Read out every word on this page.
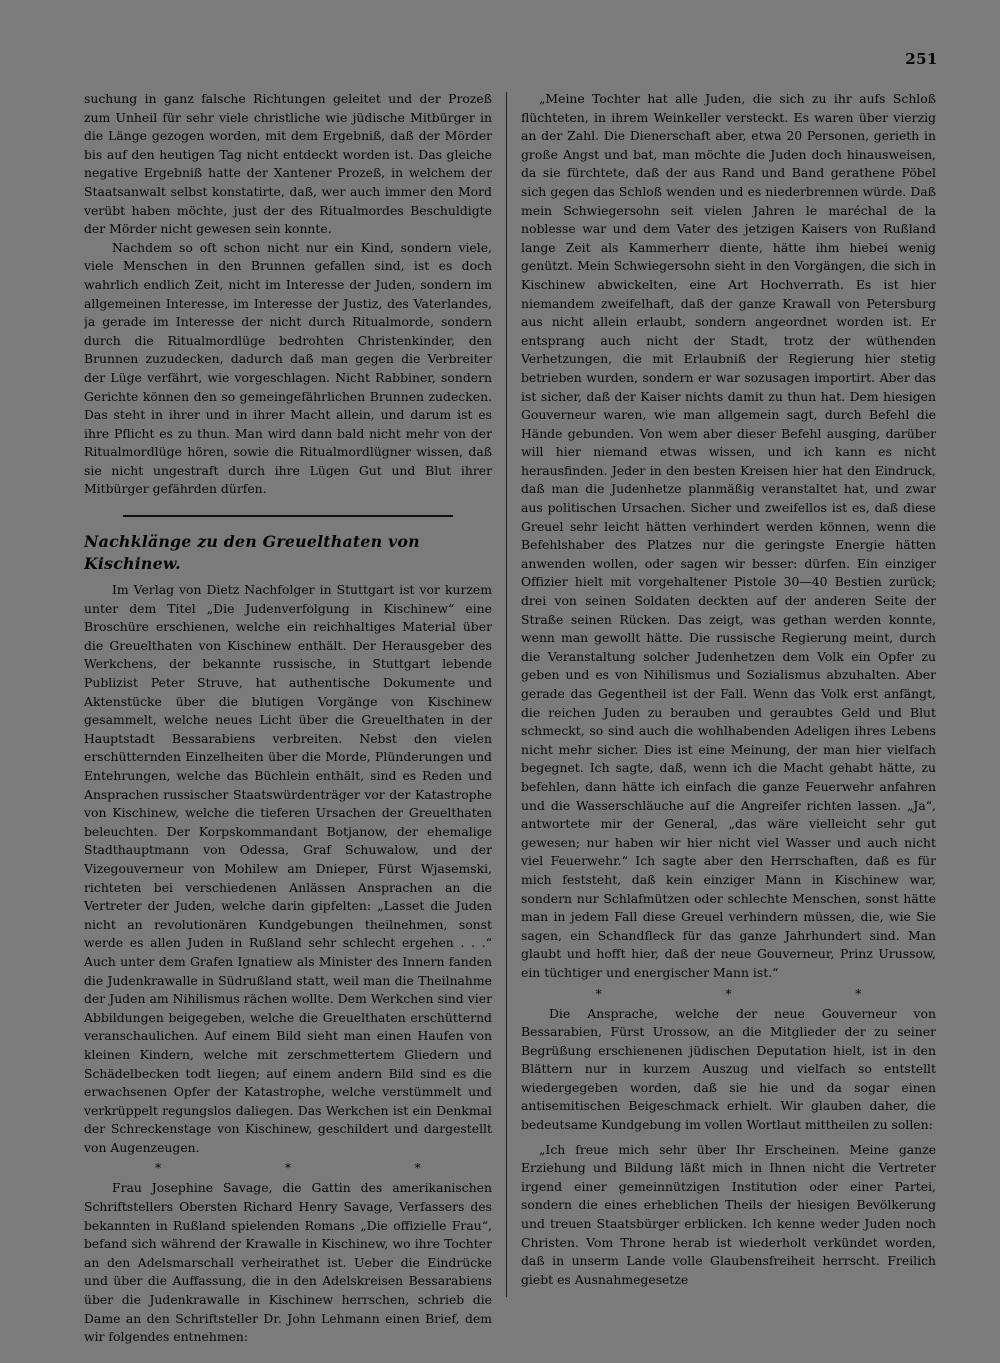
251

suchung in ganz falsche Richtungen geleitet und der Prozeß zum Unheil für sehr viele christliche wie jüdische Mitbürger in die Länge gezogen worden, mit dem Ergebniß, daß der Mörder bis auf den heutigen Tag nicht entdeckt worden ist. Das gleiche negative Ergebniß hatte der Xantener Prozeß, in welchem der Staatsanwalt selbst konstatirte, daß, wer auch immer den Mord verübt haben möchte, just der des Ritualmordes Beschuldigte der Mörder nicht gewesen sein konnte.

Nachdem so oft schon nicht nur ein Kind, sondern viele, viele Menschen in den Brunnen gefallen sind, ist es doch wahrlich endlich Zeit, nicht im Interesse der Juden, sondern im allgemeinen Interesse, im Interesse der Justiz, des Vaterlandes, ja gerade im Interesse der nicht durch Ritualmorde, sondern durch die Ritualmordlüge bedrohten Christenkinder, den Brunnen zuzudecken, dadurch daß man gegen die Verbreiter der Lüge verfährt, wie vorgeschlagen. Nicht Rabbiner, sondern Gerichte können den so gemeingefährlichen Brunnen zudecken. Das steht in ihrer und in ihrer Macht allein, und darum ist es ihre Pflicht es zu thun. Man wird dann bald nicht mehr von der Ritualmordlüge hören, sowie die Ritualmordlügner wissen, daß sie nicht ungestraft durch ihre Lügen Gut und Blut ihrer Mitbürger gefährden dürfen.

Nachklänge zu den Greuelthaten von Kischinew.

Im Verlag von Dietz Nachfolger in Stuttgart ist vor kurzem unter dem Titel „Die Judenverfolgung in Kischinew“ eine Broschüre erschienen, welche ein reichhaltiges Material über die Greuelthaten von Kischinew enthält. Der Herausgeber des Werkchens, der bekannte russische, in Stuttgart lebende Publizist Peter Struve, hat authentische Dokumente und Aktenstücke über die blutigen Vorgänge von Kischinew gesammelt, welche neues Licht über die Greuelthaten in der Hauptstadt Bessarabiens verbreiten. Nebst den vielen erschütternden Einzelheiten über die Morde, Plünderungen und Entehrungen, welche das Büchlein enthält, sind es Reden und Ansprachen russischer Staatswürdenträger vor der Katastrophe von Kischinew, welche die tieferen Ursachen der Greuelthaten beleuchten. Der Korpskommandant Botjanow, der ehemalige Stadthauptmann von Odessa, Graf Schuwalow, und der Vizegouverneur von Mohilew am Dnieper, Fürst Wjasemski, richteten bei verschiedenen Anlässen Ansprachen an die Vertreter der Juden, welche darin gipfelten: „Lasset die Juden nicht an revolutionären Kundgebungen theilnehmen, sonst werde es allen Juden in Rußland sehr schlecht ergehen . . .“ Auch unter dem Grafen Ignatiew als Minister des Innern fanden die Judenkrawalle in Südrußland statt, weil man die Theilnahme der Juden am Nihilismus rächen wollte. Dem Werkchen sind vier Abbildungen beigegeben, welche die Greuelthaten erschütternd veranschaulichen. Auf einem Bild sieht man einen Haufen von kleinen Kindern, welche mit zerschmettertem Gliedern und Schädelbecken todt liegen; auf einem andern Bild sind es die erwachsenen Opfer der Katastrophe, welche verstümmelt und verkrüppelt regungslos daliegen. Das Werkchen ist ein Denkmal der Schreckenstage von Kischinew, geschildert und dargestellt von Augenzeugen.

* * *

Frau Josephine Savage, die Gattin des amerikanischen Schriftstellers Obersten Richard Henry Savage, Verfassers des bekannten in Rußland spielenden Romans „Die offizielle Frau“, befand sich während der Krawalle in Kischinew, wo ihre Tochter an den Adelsmarschall verheirathet ist. Ueber die Eindrücke und über die Auffassung, die in den Adelskreisen Bessarabiens über die Judenkrawalle in Kischinew herrschen, schrieb die Dame an den Schriftsteller Dr. John Lehmann einen Brief, dem wir folgendes entnehmen:

„Meine Tochter hat alle Juden, die sich zu ihr aufs Schloß flüchteten, in ihrem Weinkeller versteckt. Es waren über vierzig an der Zahl. Die Dienerschaft aber, etwa 20 Personen, gerieth in große Angst und bat, man möchte die Juden doch hinausweisen, da sie fürchtete, daß der aus Rand und Band gerathene Pöbel sich gegen das Schloß wenden und es niederbrennen würde. Daß mein Schwiegersohn seit vielen Jahren le maréchal de la noblesse war und dem Vater des jetzigen Kaisers von Rußland lange Zeit als Kammerherr diente, hätte ihm hiebei wenig genützt. Mein Schwiegersohn sieht in den Vorgängen, die sich in Kischinew abwickelten, eine Art Hochverrath. Es ist hier niemandem zweifelhaft, daß der ganze Krawall von Petersburg aus nicht allein erlaubt, sondern angeordnet worden ist. Er entsprang auch nicht der Stadt, trotz der wüthenden Verhetzungen, die mit Erlaubniß der Regierung hier stetig betrieben wurden, sondern er war sozusagen importirt. Aber das ist sicher, daß der Kaiser nichts damit zu thun hat. Dem hiesigen Gouverneur waren, wie man allgemein sagt, durch Befehl die Hände gebunden. Von wem aber dieser Befehl ausging, darüber will hier niemand etwas wissen, und ich kann es nicht herausfinden. Jeder in den besten Kreisen hier hat den Eindruck, daß man die Judenhetze planmäßig veranstaltet hat, und zwar aus politischen Ursachen. Sicher und zweifellos ist es, daß diese Greuel sehr leicht hätten verhindert werden können, wenn die Befehlshaber des Platzes nur die geringste Energie hätten anwenden wollen, oder sagen wir besser: dürfen. Ein einziger Offizier hielt mit vorgehaltener Pistole 30—40 Bestien zurück; drei von seinen Soldaten deckten auf der anderen Seite der Straße seinen Rücken. Das zeigt, was gethan werden konnte, wenn man gewollt hätte. Die russische Regierung meint, durch die Veranstaltung solcher Judenhetzen dem Volk ein Opfer zu geben und es von Nihilismus und Sozialismus abzuhalten. Aber gerade das Gegentheil ist der Fall. Wenn das Volk erst anfängt, die reichen Juden zu berauben und geraubtes Geld und Blut schmeckt, so sind auch die wohlhabenden Adeligen ihres Lebens nicht mehr sicher. Dies ist eine Meinung, der man hier vielfach begegnet. Ich sagte, daß, wenn ich die Macht gehabt hätte, zu befehlen, dann hätte ich einfach die ganze Feuerwehr anfahren und die Wasserschläuche auf die Angreifer richten lassen. „Ja“, antwortete mir der General, „das wäre vielleicht sehr gut gewesen; nur haben wir hier nicht viel Wasser und auch nicht viel Feuerwehr.“ Ich sagte aber den Herrschaften, daß es für mich feststeht, daß kein einziger Mann in Kischinew war, sondern nur Schlafmützen oder schlechte Menschen, sonst hätte man in jedem Fall diese Greuel verhindern müssen, die, wie Sie sagen, ein Schandfleck für das ganze Jahrhundert sind. Man glaubt und hofft hier, daß der neue Gouverneur, Prinz Urussow, ein tüchtiger und energischer Mann ist.“

* * *

Die Ansprache, welche der neue Gouverneur von Bessarabien, Fürst Urossow, an die Mitglieder der zu seiner Begrüßung erschienenen jüdischen Deputation hielt, ist in den Blättern nur in kurzem Auszug und vielfach so entstellt wiedergegeben worden, daß sie hie und da sogar einen antisemitischen Beigeschmack erhielt. Wir glauben daher, die bedeutsame Kundgebung im vollen Wortlaut mittheilen zu sollen:

„Ich freue mich sehr über Ihr Erscheinen. Meine ganze Erziehung und Bildung läßt mich in Ihnen nicht die Vertreter irgend einer gemeinnützigen Institution oder einer Partei, sondern die eines erheblichen Theils der hiesigen Bevölkerung und treuen Staatsbürger erblicken. Ich kenne weder Juden noch Christen. Vom Throne herab ist wiederholt verkündet worden, daß in unserm Lande volle Glaubensfreiheit herrscht. Freilich giebt es Ausnahmegesetze
